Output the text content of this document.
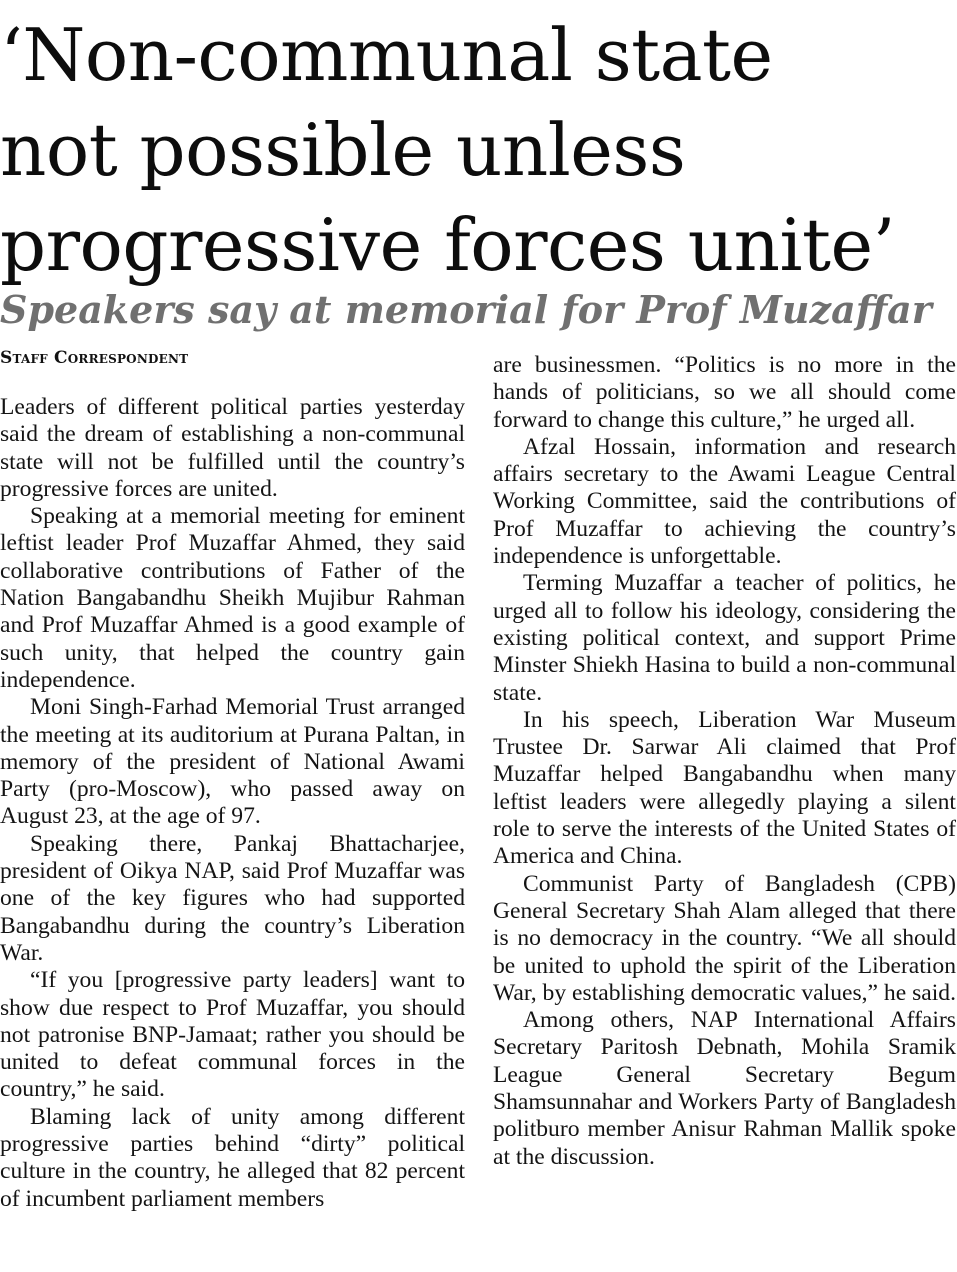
‘Non-communal state
not possible unless
progressive forces unite’
Speakers say at memorial for Prof Muzaffar
Staff Correspondent

Leaders of different political parties yesterday said the dream of establishing a non-communal state will not be fulfilled until the country’s progressive forces are united.

Speaking at a memorial meeting for eminent leftist leader Prof Muzaffar Ahmed, they said collaborative contributions of Father of the Nation Bangabandhu Sheikh Mujibur Rahman and Prof Muzaffar Ahmed is a good example of such unity, that helped the country gain independence.

Moni Singh-Farhad Memorial Trust arranged the meeting at its auditorium at Purana Paltan, in memory of the president of National Awami Party (pro-Moscow), who passed away on August 23, at the age of 97.

Speaking there, Pankaj Bhattacharjee, president of Oikya NAP, said Prof Muzaffar was one of the key figures who had supported Bangabandhu during the country’s Liberation War.

“If you [progressive party leaders] want to show due respect to Prof Muzaffar, you should not patronise BNP-Jamaat; rather you should be united to defeat communal forces in the country,” he said.

Blaming lack of unity among different progressive parties behind “dirty” political culture in the country, he alleged that 82 percent of incumbent parliament members

are businessmen. “Politics is no more in the hands of politicians, so we all should come forward to change this culture,” he urged all.

Afzal Hossain, information and research affairs secretary to the Awami League Central Working Committee, said the contributions of Prof Muzaffar to achieving the country’s independence is unforgettable.

Terming Muzaffar a teacher of politics, he urged all to follow his ideology, considering the existing political context, and support Prime Minster Shiekh Hasina to build a non-communal state.

In his speech, Liberation War Museum Trustee Dr. Sarwar Ali claimed that Prof Muzaffar helped Bangabandhu when many leftist leaders were allegedly playing a silent role to serve the interests of the United States of America and China.

Communist Party of Bangladesh (CPB) General Secretary Shah Alam alleged that there is no democracy in the country. “We all should be united to uphold the spirit of the Liberation War, by establishing democratic values,” he said.

Among others, NAP International Affairs Secretary Paritosh Debnath, Mohila Sramik League General Secretary Begum Shamsunnahar and Workers Party of Bangladesh politburo member Anisur Rahman Mallik spoke at the discussion.
